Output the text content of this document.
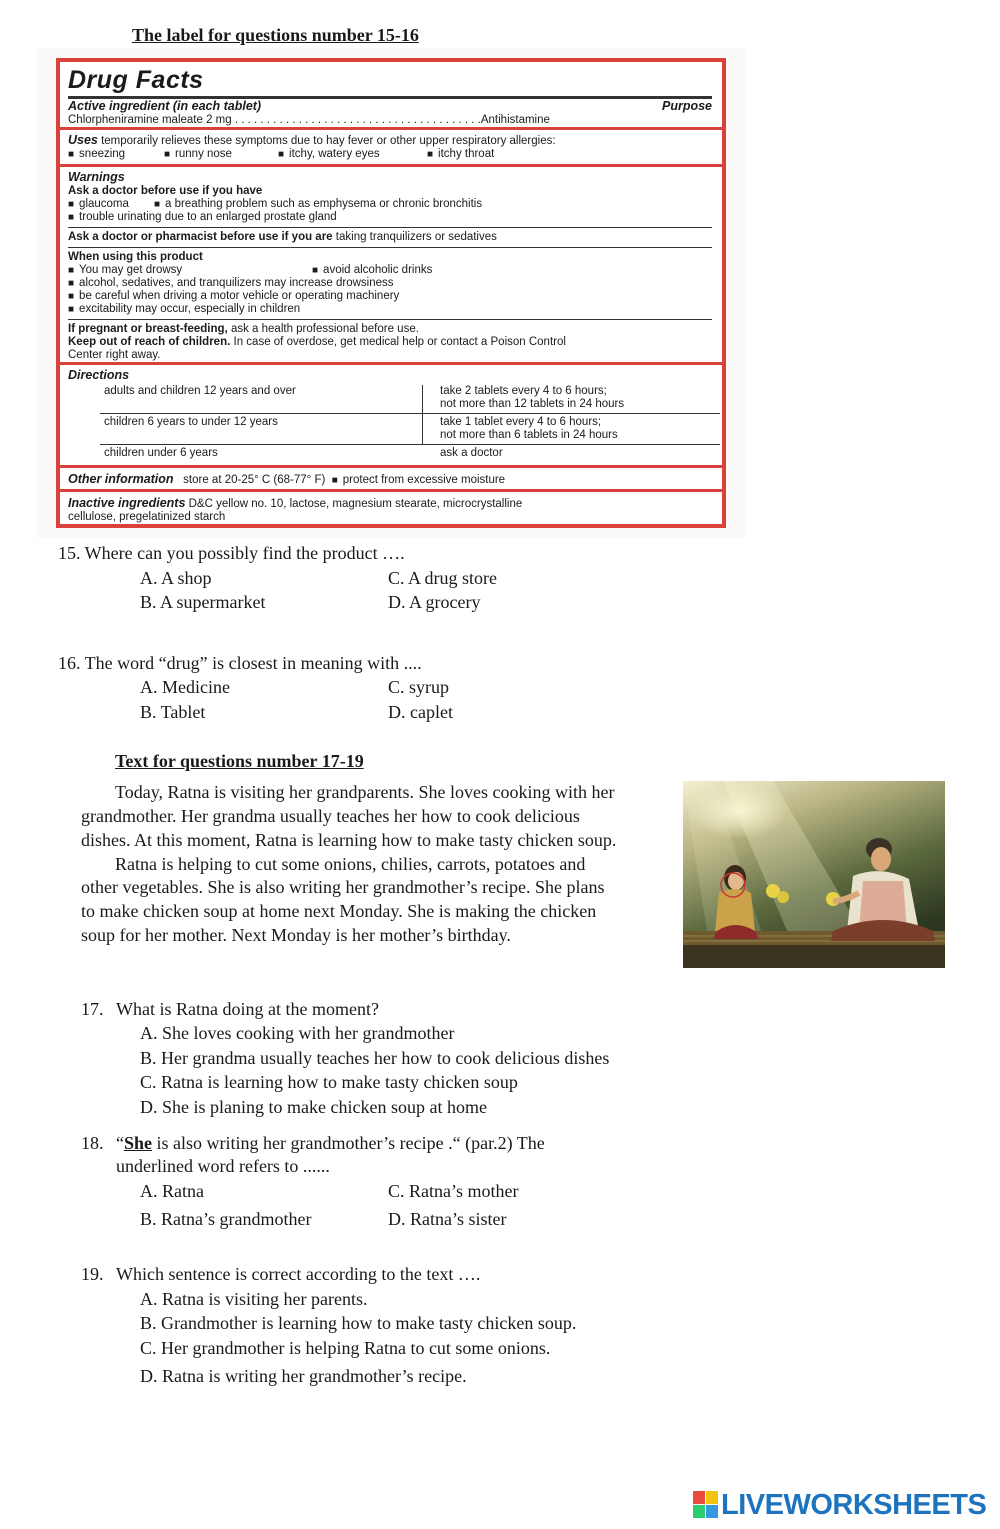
The label for questions number 15-16
Drug Facts
Active ingredient (in each tablet)	Purpose
Chlorpheniramine maleate 2 mg . . . . . . . . . . . . . . . . . . . . . . . . . . . . . . . . . . . . . . .Antihistamine
Uses temporarily relieves these symptoms due to hay fever or other upper respiratory allergies:
■ sneezing	■ runny nose	■ itchy, watery eyes	■ itchy throat
Warnings
Ask a doctor before use if you have
■ glaucoma	■ a breathing problem such as emphysema or chronic bronchitis
■ trouble urinating due to an enlarged prostate gland
Ask a doctor or pharmacist before use if you are taking tranquilizers or sedatives
When using this product
■ You may get drowsy	■ avoid alcoholic drinks
■ alcohol, sedatives, and tranquilizers may increase drowsiness
■ be careful when driving a motor vehicle or operating machinery
■ excitability may occur, especially in children
If pregnant or breast-feeding, ask a health professional before use.
Keep out of reach of children. In case of overdose, get medical help or contact a Poison Control
Center right away.
Directions
adults and children 12 years and over	take 2 tablets every 4 to 6 hours;
not more than 12 tablets in 24 hours
children 6 years to under 12 years	take 1 tablet every 4 to 6 hours;
not more than 6 tablets in 24 hours
children under 6 years	ask a doctor
Other information store at 20-25° C (68-77° F) ■ protect from excessive moisture
Inactive ingredients D&C yellow no. 10, lactose, magnesium stearate, microcrystalline
cellulose, pregelatinized starch
15. Where can you possibly find the product ….
A. A shop	C. A drug store
B. A supermarket	D. A grocery
16. The word “drug” is closest in meaning with ....
A. Medicine	C. syrup
B. Tablet	D. caplet
Text for questions number 17-19
Today, Ratna is visiting her grandparents. She loves cooking with her
grandmother. Her grandma usually teaches her how to cook delicious
dishes. At this moment, Ratna is learning how to make tasty chicken soup.
Ratna is helping to cut some onions, chilies, carrots, potatoes and
other vegetables. She is also writing her grandmother’s recipe. She plans
to make chicken soup at home next Monday. She is making the chicken
soup for her mother. Next Monday is her mother’s birthday.
17. What is Ratna doing at the moment?
A. She loves cooking with her grandmother
B. Her grandma usually teaches her how to cook delicious dishes
C. Ratna is learning how to make tasty chicken soup
D. She is planing to make chicken soup at home
18. “She is also writing her grandmother’s recipe .“ (par.2) The
underlined word refers to ......
A. Ratna	C. Ratna’s mother
B. Ratna’s grandmother	D. Ratna’s sister
19. Which sentence is correct according to the text ….
A. Ratna is visiting her parents.
B. Grandmother is learning how to make tasty chicken soup.
C. Her grandmother is helping Ratna to cut some onions.
D. Ratna is writing her grandmother’s recipe.
LIVEWORKSHEETS
